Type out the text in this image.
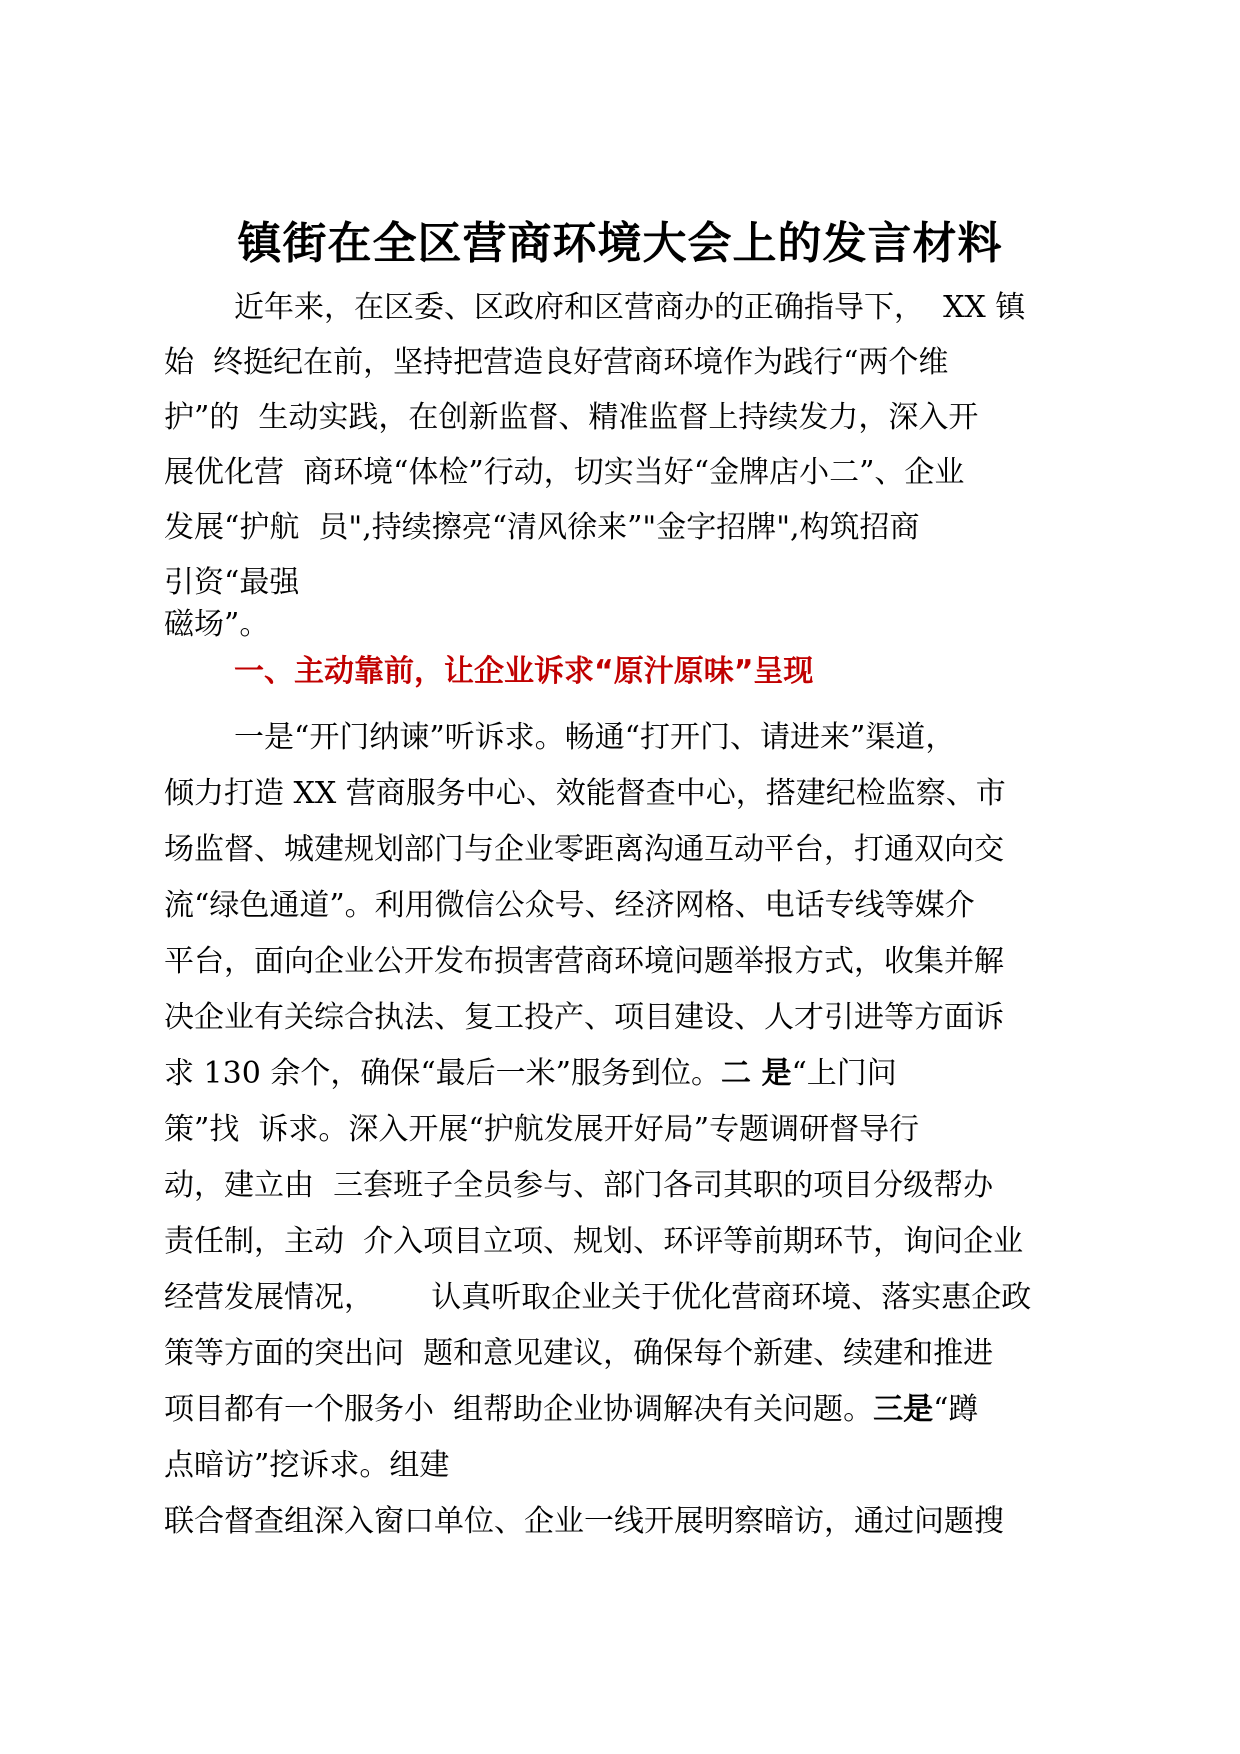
镇街在全区营商环境大会上的发言材料

近年来，在区委、区政府和区营商办的正确指导下，  XX 镇

始  终挺纪在前，坚持把营造良好营商环境作为践行“两个维

护”的  生动实践，在创新监督、精准监督上持续发力，深入开

展优化营  商环境“体检”行动，切实当好“金牌店小二”、企业

发展“护航  员",持续擦亮“清风徐来”"金字招牌",构筑招商

引资“最强

磁场”。

一、主动靠前，让企业诉求“原汁原味”呈现

一是“开门纳谏”听诉求。畅通“打开门、请进来”渠道，

倾力打造 XX 营商服务中心、效能督查中心，搭建纪检监察、市

场监督、城建规划部门与企业零距离沟通互动平台，打通双向交

流“绿色通道”。利用微信公众号、经济网格、电话专线等媒介

平台，面向企业公开发布损害营商环境问题举报方式，收集并解

决企业有关综合执法、复工投产、项目建设、人才引进等方面诉

求 130 余个，确保“最后一米”服务到位。二 是“上门问

策”找  诉求。深入开展“护航发展开好局”专题调研督导行

动，建立由  三套班子全员参与、部门各司其职的项目分级帮办

责任制，主动  介入项目立项、规划、环评等前期环节，询问企业

经营发展情况，      认真听取企业关于优化营商环境、落实惠企政

策等方面的突出问  题和意见建议，确保每个新建、续建和推进

项目都有一个服务小  组帮助企业协调解决有关问题。三是“蹲

点暗访”挖诉求。组建

联合督查组深入窗口单位、企业一线开展明察暗访，通过问题搜
